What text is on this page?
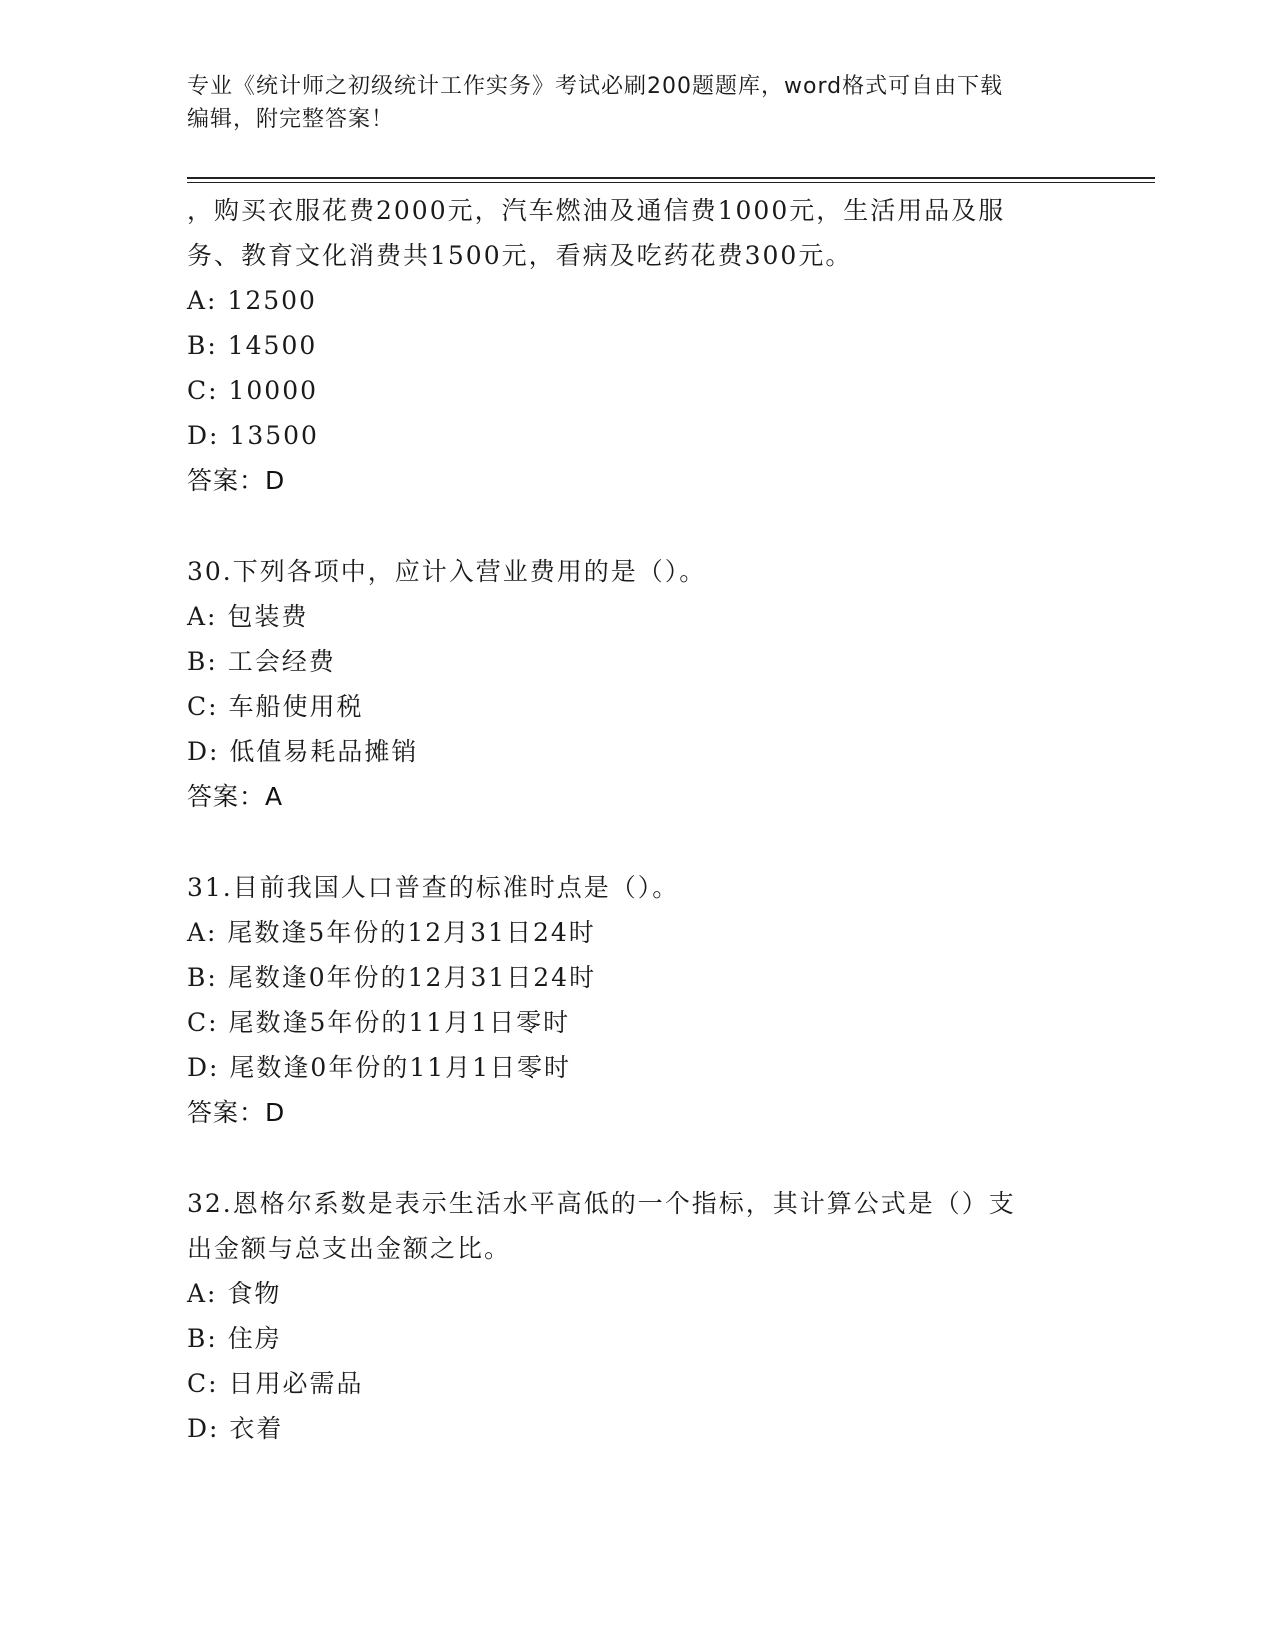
专业《统计师之初级统计工作实务》考试必刷200题题库，word格式可自由下载
编辑，附完整答案！
，购买衣服花费2000元，汽车燃油及通信费1000元，生活用品及服
务、教育文化消费共1500元，看病及吃药花费300元。
A: 12500
B: 14500
C: 10000
D: 13500
答案：D
30.下列各项中，应计入营业费用的是（）。
A: 包装费
B: 工会经费
C: 车船使用税
D: 低值易耗品摊销
答案：A
31.目前我国人口普查的标准时点是（）。
A: 尾数逢5年份的12月31日24时
B: 尾数逢0年份的12月31日24时
C: 尾数逢5年份的11月1日零时
D: 尾数逢0年份的11月1日零时
答案：D
32.恩格尔系数是表示生活水平高低的一个指标，其计算公式是（）支
出金额与总支出金额之比。
A: 食物
B: 住房
C: 日用必需品
D: 衣着
